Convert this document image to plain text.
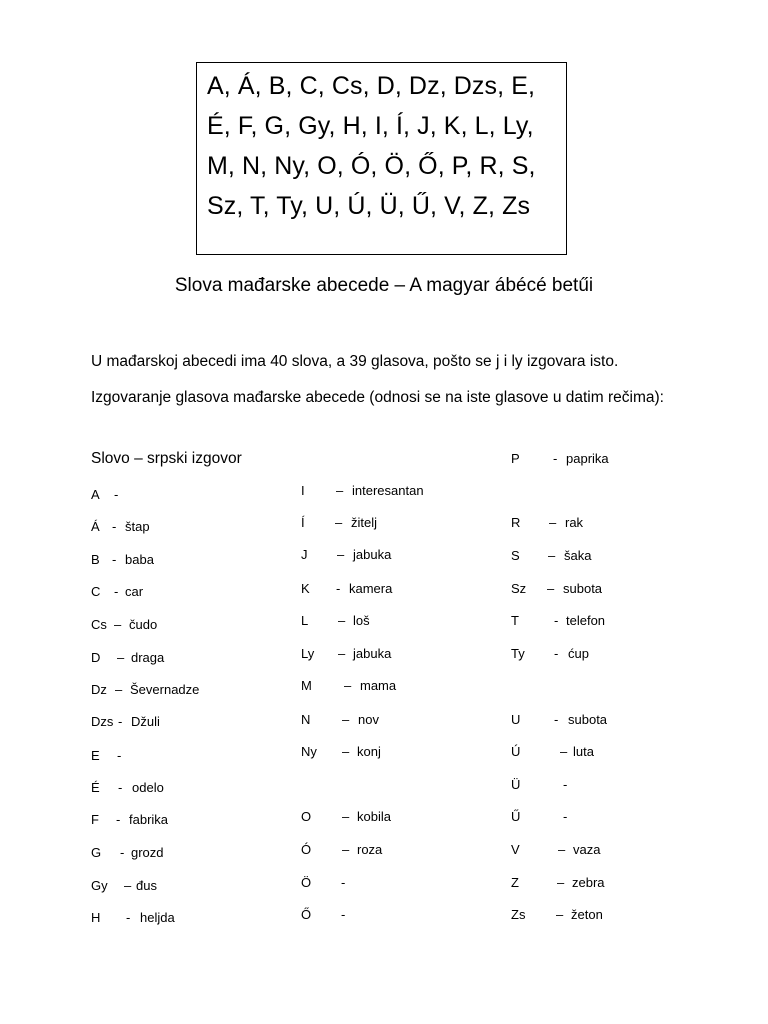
A, Á, B, C, Cs, D, Dz, Dzs, E,
É, F, G, Gy, H, I, Í, J, K, L, Ly,
M, N, Ny, O, Ó, Ö, Ő, P, R, S,
Sz, T, Ty, U, Ú, Ü, Ű, V, Z, Zs
Slova mađarske abecede – A magyar ábécé betűi
U mađarskoj abecedi ima 40 slova, a 39 glasova, pošto se j i ly izgovara isto.
Izgovaranje glasova mađarske abecede (odnosi se na iste glasove u datim rečima):
Slovo – srpski izgovor
A -
Á - štap
B - baba
C - car
Cs – čudo
D – draga
Dz – Ševernadze
Dzs - Džuli
E -
É - odelo
F - fabrika
G - grozd
Gy – đus
H - heljda
I – interesantan
Í – žitelj
J – jabuka
K - kamera
L – loš
Ly – jabuka
M – mama
N – nov
Ny – konj
O – kobila
Ó – roza
Ö -
Ő -
P	- paprika
R – rak
S – šaka
Sz – subota
T	- telefon
Ty - ćup
U	- subota
Ú	– luta
Ü	-
Ű	-
V	– vaza
Z	– zebra
Zs – žeton
